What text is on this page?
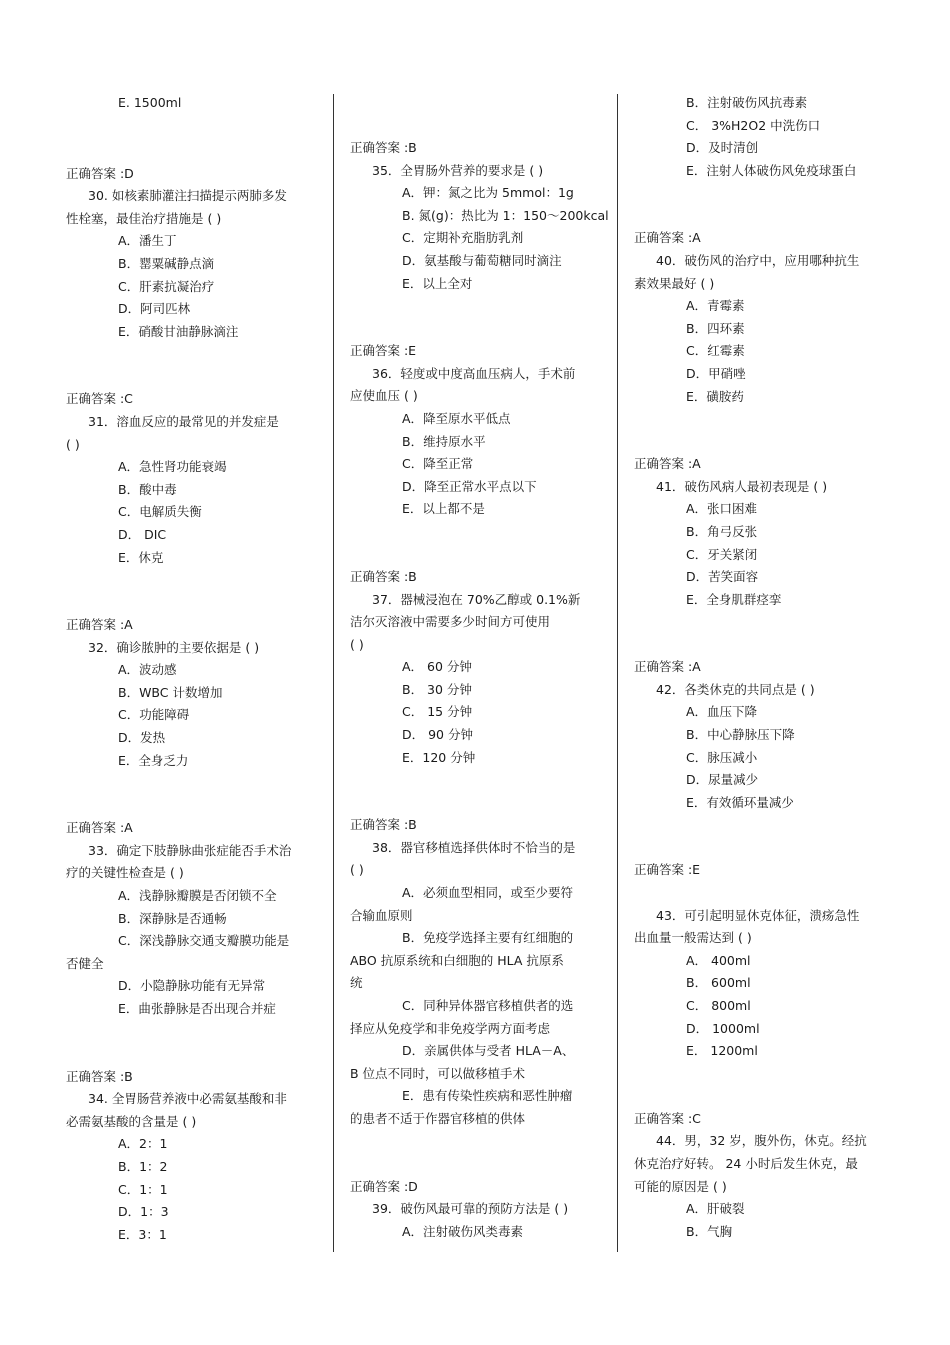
E. 1500ml
正确答案 :D
30. 如核素肺灌注扫描提示两肺多发
性栓塞，最佳治疗措施是 ( )
A．潘生丁
B．罂粟碱静点滴
C．肝素抗凝治疗
D．阿司匹林
E．硝酸甘油静脉滴注
正确答案 :C
31．溶血反应的最常见的并发症是
( )
A．急性肾功能衰竭
B．酸中毒
C．电解质失衡
D． DIC
E．休克
正确答案 :A
32．确诊脓肿的主要依据是 ( )
A．波动感
B．WBC 计数增加
C．功能障碍
D．发热
E．全身乏力
正确答案 :A
33．确定下肢静脉曲张症能否手术治
疗的关键性检查是 ( )
A．浅静脉瓣膜是否闭锁不全
B．深静脉是否通畅
C．深浅静脉交通支瓣膜功能是
否健全
D．小隐静脉功能有无异常
E．曲张静脉是否出现合并症
正确答案 :B
34. 全胃肠营养液中必需氨基酸和非
必需氨基酸的含量是 ( )
A．2：1
B．1：2
C．1：1
D．1：3
E．3：1
正确答案 :B
35．全胃肠外营养的要求是 ( )
A．钾：氮之比为 5mmol：1g
B. 氮(g)：热比为 1：150～200kcal
C．定期补充脂肪乳剂
D．氨基酸与葡萄糖同时滴注
E．以上全对
正确答案 :E
36．轻度或中度高血压病人，手术前
应使血压 ( )
A．降至原水平低点
B．维持原水平
C．降至正常
D．降至正常水平点以下
E．以上都不是
正确答案 :B
37．器械浸泡在 70%乙醇或 0.1%新
洁尔灭溶液中需要多少时间方可使用
( )
A． 60 分钟
B． 30 分钟
C． 15 分钟
D． 90 分钟
E．120 分钟
正确答案 :B
38．器官移植选择供体时不恰当的是
( )
A．必须血型相同，或至少要符
合输血原则
B．免疫学选择主要有红细胞的
ABO 抗原系统和白细胞的 HLA 抗原系
统
C．同种异体器官移植供者的选
择应从免疫学和非免疫学两方面考虑
D．亲属供体与受者 HLA－A、
B 位点不同时，可以做移植手术
E．患有传染性疾病和恶性肿瘤
的患者不适于作器官移植的供体
正确答案 :D
39．破伤风最可靠的预防方法是 ( )
A．注射破伤风类毒素
B．注射破伤风抗毒素
C． 3%H2O2 中洗伤口
D．及时清创
E．注射人体破伤风免疫球蛋白
正确答案 :A
40．破伤风的治疗中，应用哪种抗生
素效果最好 ( )
A．青霉素
B．四环素
C．红霉素
D．甲硝唑
E．磺胺药
正确答案 :A
41．破伤风病人最初表现是 ( )
A．张口困难
B．角弓反张
C．牙关紧闭
D．苦笑面容
E．全身肌群痉挛
正确答案 :A
42．各类休克的共同点是 ( )
A．血压下降
B．中心静脉压下降
C．脉压减小
D．尿量减少
E．有效循环量减少
正确答案 :E
43．可引起明显休克体征，溃疡急性
出血量一般需达到 ( )
A． 400ml
B． 600ml
C． 800ml
D． 1000ml
E． 1200ml
正确答案 :C
44．男，32 岁，腹外伤，休克。经抗
休克治疗好转。 24 小时后发生休克，最
可能的原因是 ( )
A．肝破裂
B．气胸
